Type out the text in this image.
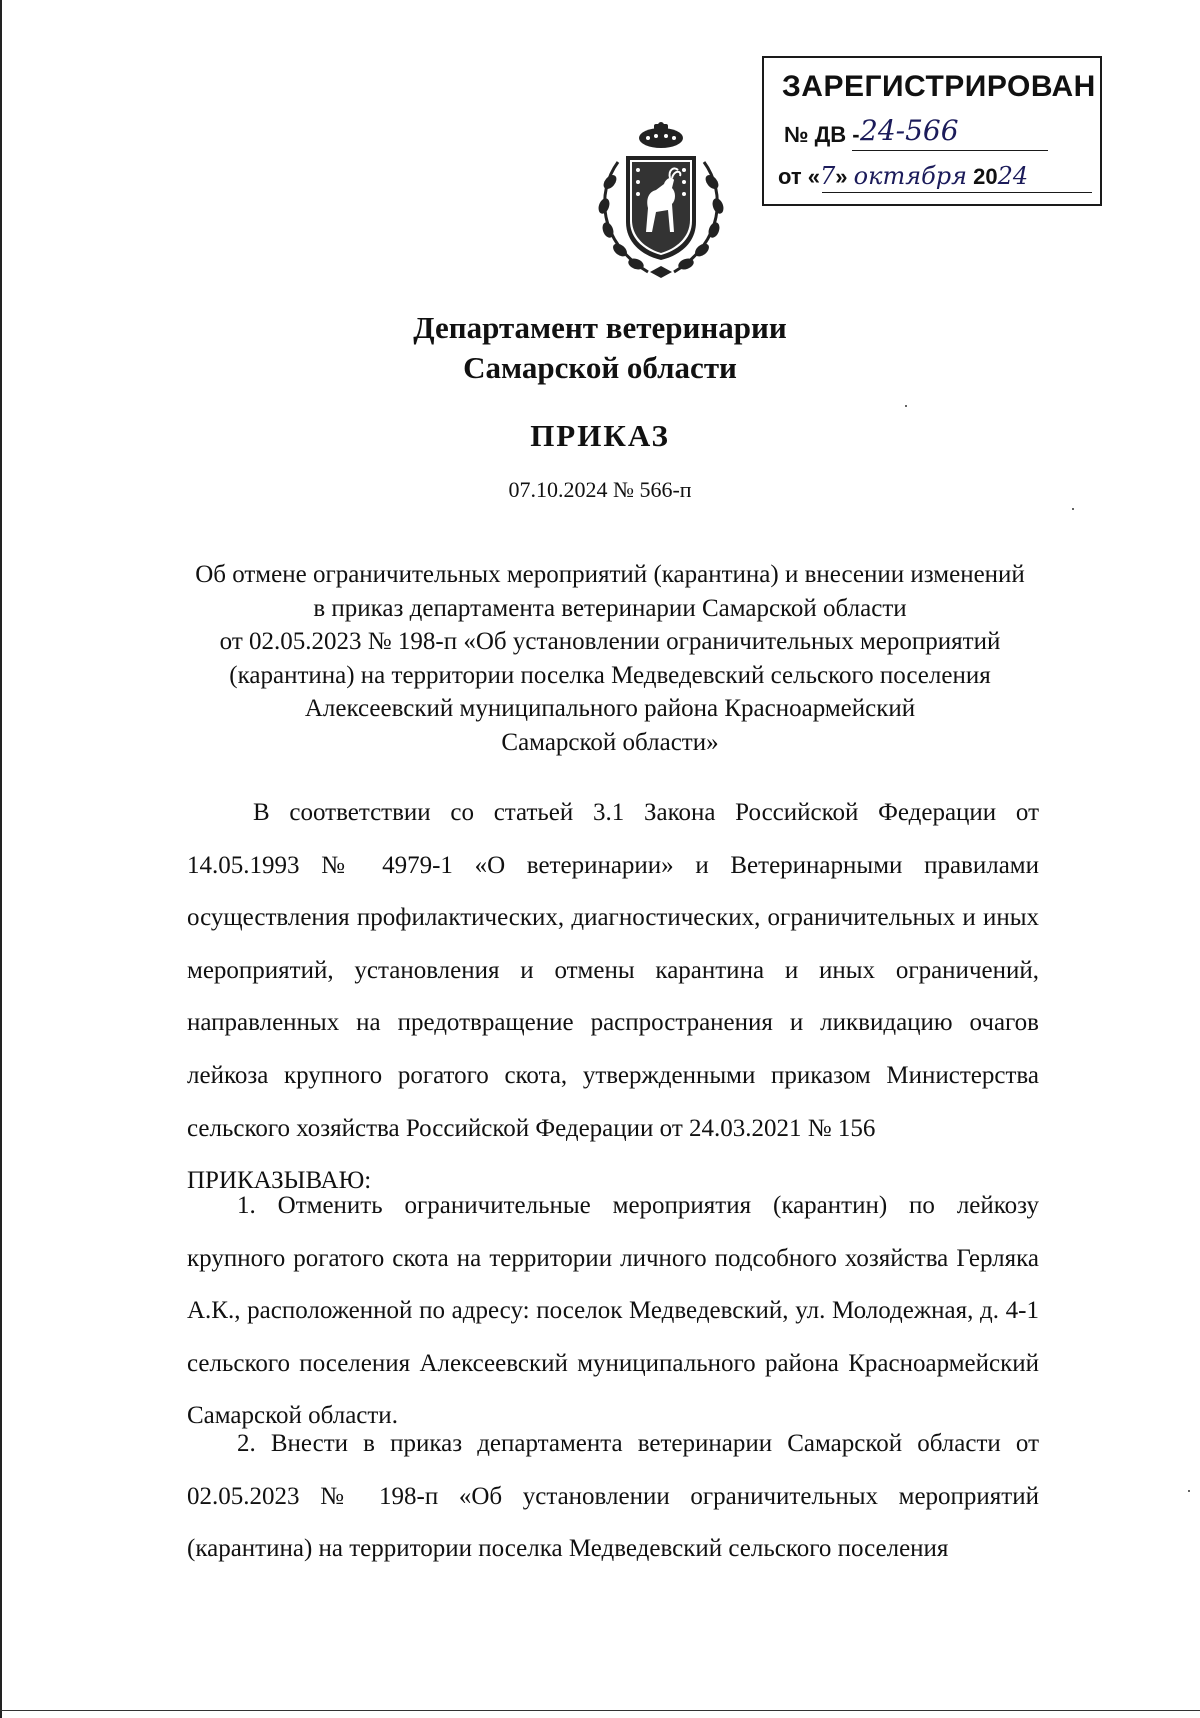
ЗАРЕГИСТРИРОВАН
№ ДВ - 24-566
от «7» октября 2024
Департамент ветеринарии
Самарской области
ПРИКАЗ
07.10.2024 № 566-п
Об отмене ограничительных мероприятий (карантина) и внесении изменений
в приказ департамента ветеринарии Самарской области
от 02.05.2023 № 198-п «Об установлении ограничительных мероприятий
(карантина) на территории поселка Медведевский сельского поселения
Алексеевский муниципального района Красноармейский
Самарской области»
В соответствии со статьей 3.1 Закона Российской Федерации от 14.05.1993 № 4979-1 «О ветеринарии» и Ветеринарными правилами осуществления профилактических, диагностических, ограничительных и иных мероприятий, установления и отмены карантина и иных ограничений, направленных на предотвращение распространения и ликвидацию очагов лейкоза крупного рогатого скота, утвержденными приказом Министерства сельского хозяйства Российской Федерации от 24.03.2021 № 156
ПРИКАЗЫВАЮ:
1. Отменить ограничительные мероприятия (карантин) по лейкозу крупного рогатого скота на территории личного подсобного хозяйства Герляка А.К., расположенной по адресу: поселок Медведевский, ул. Молодежная, д. 4-1 сельского поселения Алексеевский муниципального района Красноармейский Самарской области.
2. Внести в приказ департамента ветеринарии Самарской области от 02.05.2023 № 198-п «Об установлении ограничительных мероприятий (карантина) на территории поселка Медведевский сельского поселения
